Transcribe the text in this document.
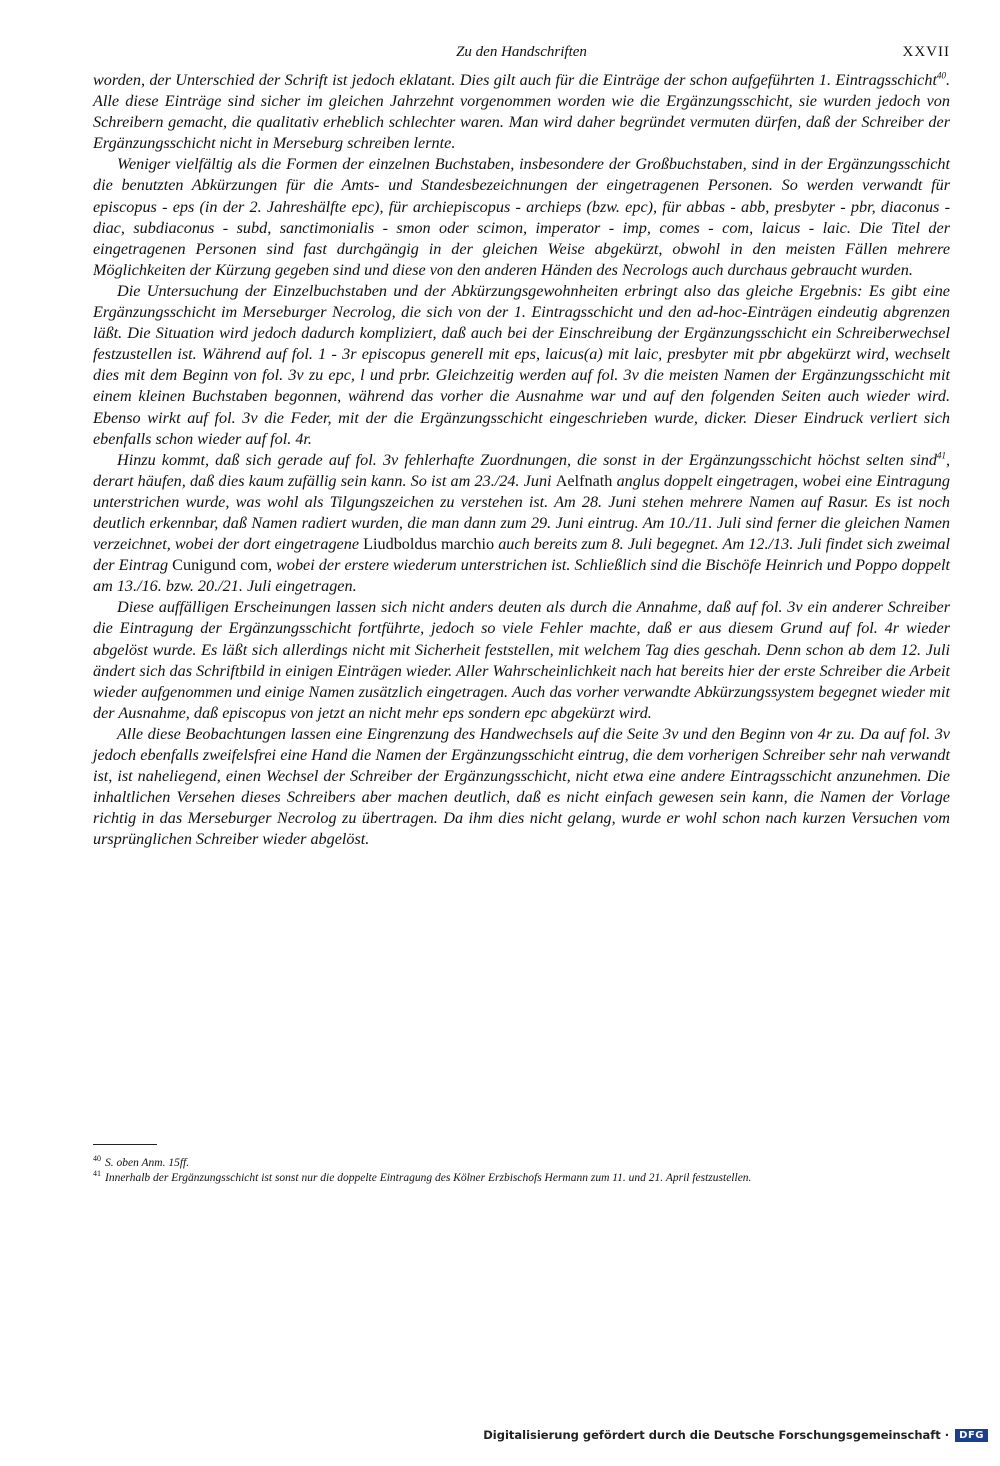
Zu den Handschriften	XXVII

worden, der Unterschied der Schrift ist jedoch eklatant. Dies gilt auch für die Einträge der schon aufgeführten 1. Eintragsschicht$^{40}$. Alle diese Einträge sind sicher im gleichen Jahrzehnt vorgenommen worden wie die Ergänzungsschicht, sie wurden jedoch von Schreibern gemacht, die qualitativ erheblich schlechter waren. Man wird daher begründet vermuten dürfen, daß der Schreiber der Ergänzungsschicht nicht in Merseburg schreiben lernte.

Weniger vielfältig als die Formen der einzelnen Buchstaben, insbesondere der Großbuchstaben, sind in der Ergänzungsschicht die benutzten Abkürzungen für die Amts- und Standesbezeichnungen der eingetragenen Personen. So werden verwandt für episcopus - eps (in der 2. Jahreshälfte epc), für archiepiscopus - archieps (bzw. epc), für abbas - abb, presbyter - pbr, diaconus - diac, subdiaconus - subd, sanctimonialis - smon oder scimon, imperator - imp, comes - com, laicus - laic. Die Titel der eingetragenen Personen sind fast durchgängig in der gleichen Weise abgekürzt, obwohl in den meisten Fällen mehrere Möglichkeiten der Kürzung gegeben sind und diese von den anderen Händen des Necrologs auch durchaus gebraucht wurden.

Die Untersuchung der Einzelbuchstaben und der Abkürzungsgewohnheiten erbringt also das gleiche Ergebnis: Es gibt eine Ergänzungsschicht im Merseburger Necrolog, die sich von der 1. Eintragsschicht und den ad-hoc-Einträgen eindeutig abgrenzen läßt. Die Situation wird jedoch dadurch kompliziert, daß auch bei der Einschreibung der Ergänzungsschicht ein Schreiberwechsel festzustellen ist. Während auf fol. 1 - 3r episcopus generell mit eps, laicus(a) mit laic, presbyter mit pbr abgekürzt wird, wechselt dies mit dem Beginn von fol. 3v zu epc, l und prbr. Gleichzeitig werden auf fol. 3v die meisten Namen der Ergänzungsschicht mit einem kleinen Buchstaben begonnen, während das vorher die Ausnahme war und auf den folgenden Seiten auch wieder wird. Ebenso wirkt auf fol. 3v die Feder, mit der die Ergänzungsschicht eingeschrieben wurde, dicker. Dieser Eindruck verliert sich ebenfalls schon wieder auf fol. 4r.

Hinzu kommt, daß sich gerade auf fol. 3v fehlerhafte Zuordnungen, die sonst in der Ergänzungsschicht höchst selten sind$^{41}$, derart häufen, daß dies kaum zufällig sein kann. So ist am 23./24. Juni Aelfnath anglus doppelt eingetragen, wobei eine Eintragung unterstrichen wurde, was wohl als Tilgungszeichen zu verstehen ist. Am 28. Juni stehen mehrere Namen auf Rasur. Es ist noch deutlich erkennbar, daß Namen radiert wurden, die man dann zum 29. Juni eintrug. Am 10./11. Juli sind ferner die gleichen Namen verzeichnet, wobei der dort eingetragene Liudboldus marchio auch bereits zum 8. Juli begegnet. Am 12./13. Juli findet sich zweimal der Eintrag Cunigund com, wobei der erstere wiederum unterstrichen ist. Schließlich sind die Bischöfe Heinrich und Poppo doppelt am 13./16. bzw. 20./21. Juli eingetragen.

Diese auffälligen Erscheinungen lassen sich nicht anders deuten als durch die Annahme, daß auf fol. 3v ein anderer Schreiber die Eintragung der Ergänzungsschicht fortführte, jedoch so viele Fehler machte, daß er aus diesem Grund auf fol. 4r wieder abgelöst wurde. Es läßt sich allerdings nicht mit Sicherheit feststellen, mit welchem Tag dies geschah. Denn schon ab dem 12. Juli ändert sich das Schriftbild in einigen Einträgen wieder. Aller Wahrscheinlichkeit nach hat bereits hier der erste Schreiber die Arbeit wieder aufgenommen und einige Namen zusätzlich eingetragen. Auch das vorher verwandte Abkürzungssystem begegnet wieder mit der Ausnahme, daß episcopus von jetzt an nicht mehr eps sondern epc abgekürzt wird.

Alle diese Beobachtungen lassen eine Eingrenzung des Handwechsels auf die Seite 3v und den Beginn von 4r zu. Da auf fol. 3v jedoch ebenfalls zweifelsfrei eine Hand die Namen der Ergänzungsschicht eintrug, die dem vorherigen Schreiber sehr nah verwandt ist, ist naheliegend, einen Wechsel der Schreiber der Ergänzungsschicht, nicht etwa eine andere Eintragsschicht anzunehmen. Die inhaltlichen Versehen dieses Schreibers aber machen deutlich, daß es nicht einfach gewesen sein kann, die Namen der Vorlage richtig in das Merseburger Necrolog zu übertragen. Da ihm dies nicht gelang, wurde er wohl schon nach kurzen Versuchen vom ursprünglichen Schreiber wieder abgelöst.

$^{40}$ S. oben Anm. 15ff.
$^{41}$ Innerhalb der Ergänzungsschicht ist sonst nur die doppelte Eintragung des Kölner Erzbischofs Hermann zum 11. und 21. April festzustellen.
Digitalisierung gefördert durch die Deutsche Forschungsgemeinschaft ·	DFG
